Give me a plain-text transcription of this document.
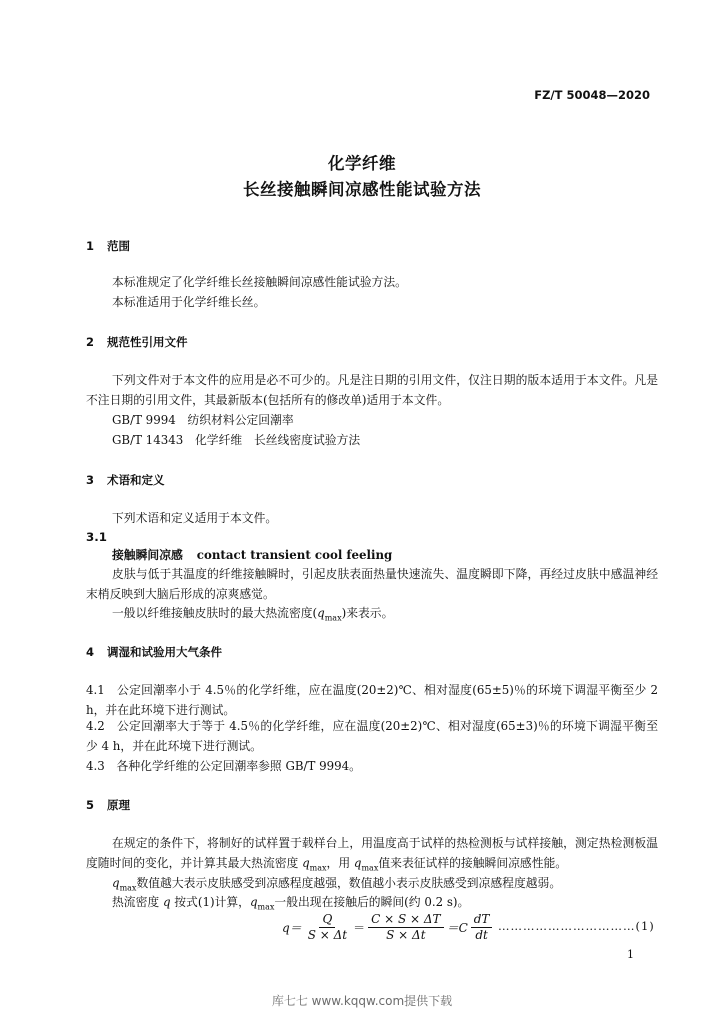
FZ/T 50048—2020
化学纤维
长丝接触瞬间凉感性能试验方法
1 范围
本标准规定了化学纤维长丝接触瞬间凉感性能试验方法。
本标准适用于化学纤维长丝。
2 规范性引用文件
下列文件对于本文件的应用是必不可少的。凡是注日期的引用文件，仅注日期的版本适用于本文件。凡是不注日期的引用文件，其最新版本(包括所有的修改单)适用于本文件。
GB/T 9994　纺织材料公定回潮率
GB/T 14343　化学纤维　长丝线密度试验方法
3 术语和定义
下列术语和定义适用于本文件。
3.1
接触瞬间凉感 contact transient cool feeling
皮肤与低于其温度的纤维接触瞬时，引起皮肤表面热量快速流失、温度瞬即下降，再经过皮肤中感温神经末梢反映到大脑后形成的凉爽感觉。
一般以纤维接触皮肤时的最大热流密度$(q_{max})$来表示。
4 调湿和试验用大气条件
4.1　公定回潮率小于 4.5％的化学纤维，应在温度(20±2)℃、相对湿度(65±5)％的环境下调湿平衡至少 2 h，并在此环境下进行测试。
4.2　公定回潮率大于等于 4.5％的化学纤维，应在温度(20±2)℃、相对湿度(65±3)％的环境下调湿平衡至少 4 h，并在此环境下进行测试。
4.3　各种化学纤维的公定回潮率参照 GB/T 9994。
5 原理
在规定的条件下，将制好的试样置于载样台上，用温度高于试样的热检测板与试样接触，测定热检测板温度随时间的变化，并计算其最大热流密度 $q_{max}$，用 $q_{max}$值来表征试样的接触瞬间凉感性能。
$q_{max}$数值越大表示皮肤感受到凉感程度越强，数值越小表示皮肤感受到凉感程度越弱。
热流密度 q 按式(1)计算，$q_{max}$一般出现在接触后的瞬间(约 0.2 s)。
$q= \frac{Q}{S \times \Delta t} = \frac{C \times S \times \Delta T}{S \times \Delta t} =C \frac{dT}{dt}$ ……………………………(1)
1
库七七 www.kqqw.com提供下载
